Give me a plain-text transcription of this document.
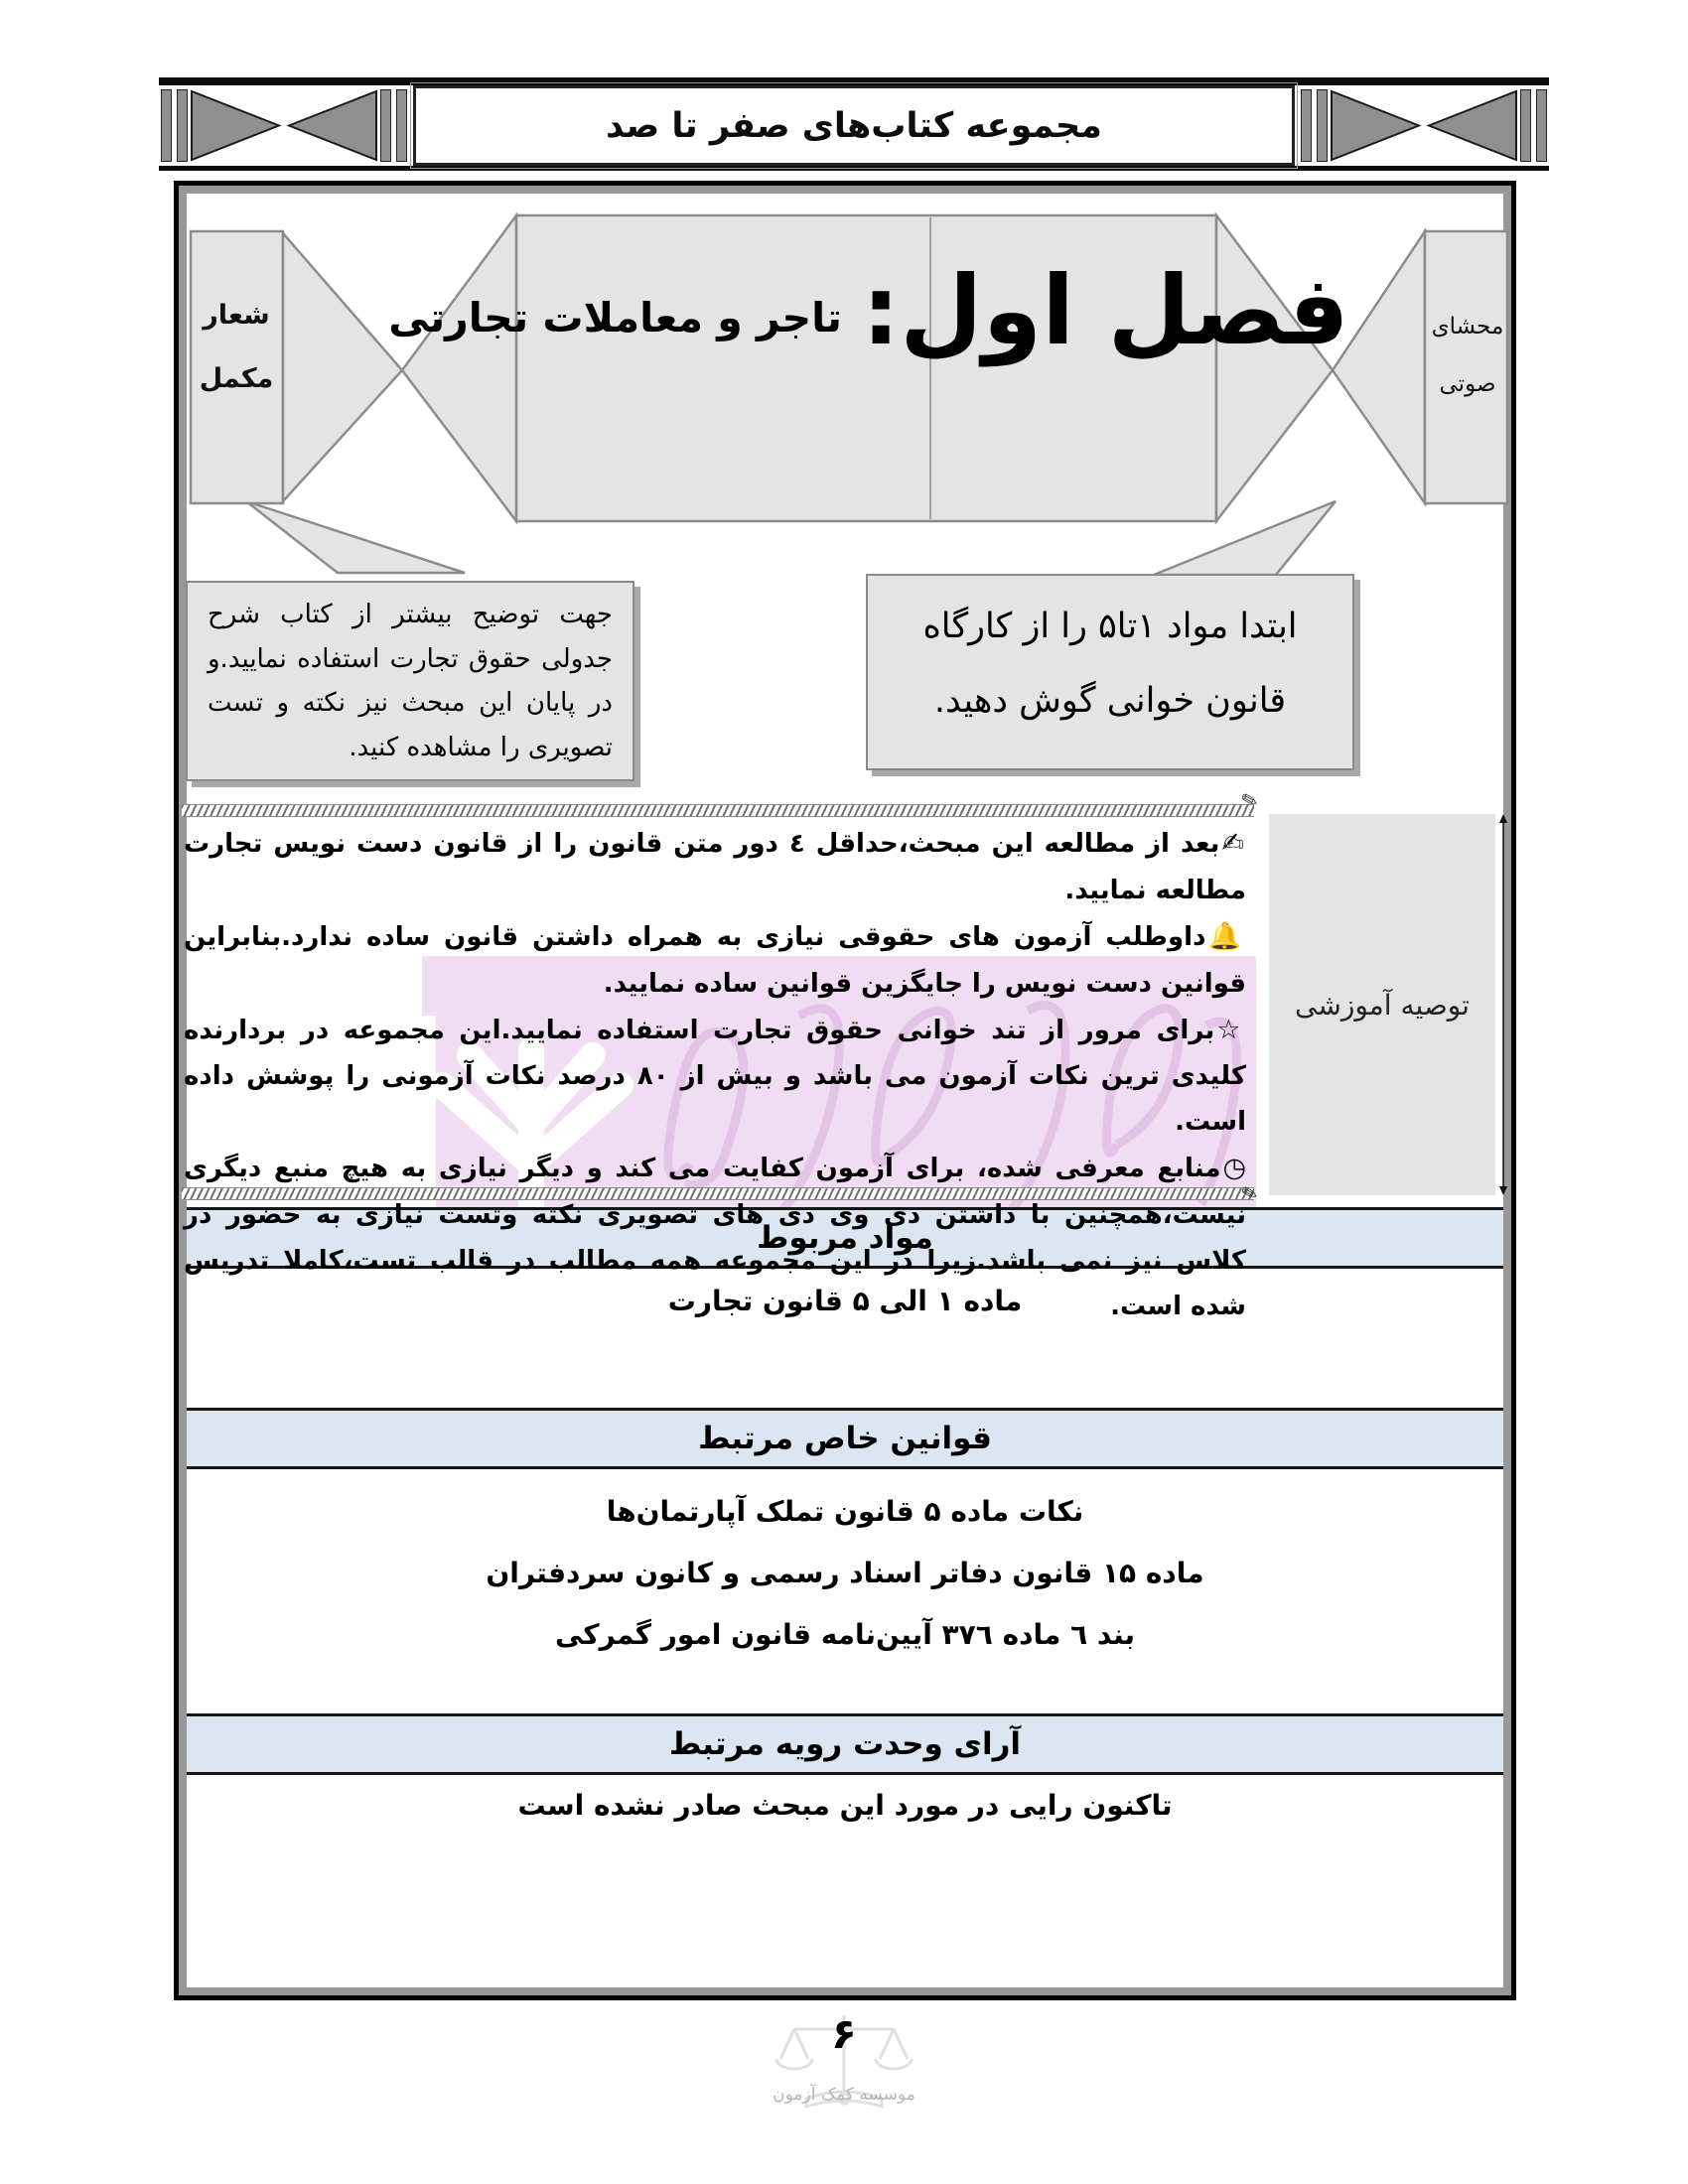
مجموعه کتاب‌های صفر تا صد
شعار
مکمل
محشای
صوتی
فصل اول:
تاجر و معاملات تجارتی
جهت توضیح بیشتر از کتاب شرح جدولی حقوق تجارت استفاده نمایید.و در پایان این مبحث نیز نکته و تست تصویری را مشاهده کنید.
ابتدا مواد ۱تا۵ را از کارگاه قانون خوانی گوش دهید.
✎
✎

✍بعد از مطالعه این مبحث،حداقل ٤ دور متن قانون را از قانون دست نویس تجارت مطالعه نمایید.

🔔داوطلب آزمون های حقوقی نیازی به همراه داشتن قانون ساده ندارد.بنابراین قوانین دست نویس را جایگزین قوانین ساده نمایید.

☆برای مرور از تند خوانی حقوق تجارت استفاده نمایید.این مجموعه در بردارنده کلیدی ترین نکات آزمون می باشد و بیش از ۸۰ درصد نکات آزمونی را پوشش داده است.

◷منابع معرفی شده، برای آزمون کفایت می کند و دیگر نیازی به هیچ منبع دیگری نیست،همچنین با داشتن دی وی دی های تصویری نکته وتست نیازی به حضور در کلاس نیز نمی باشد.زیرا در این مجموعه همه مطالب در قالب تست،کاملا تدریس شده است.

توصیه آموزشی
مواد مربوط
ماده ۱ الی ۵ قانون تجارت
قوانین خاص مرتبط
نکات ماده ۵ قانون تملک آپارتمان‌ها
ماده ۱۵ قانون دفاتر اسناد رسمی و کانون سردفتران
بند ٦ ماده ٣٧٦ آیین‌نامه قانون امور گمرکی
آرای وحدت رویه مرتبط
تاکنون رایی در مورد این مبحث صادر نشده است
۶
موسسه کمک آزمون
